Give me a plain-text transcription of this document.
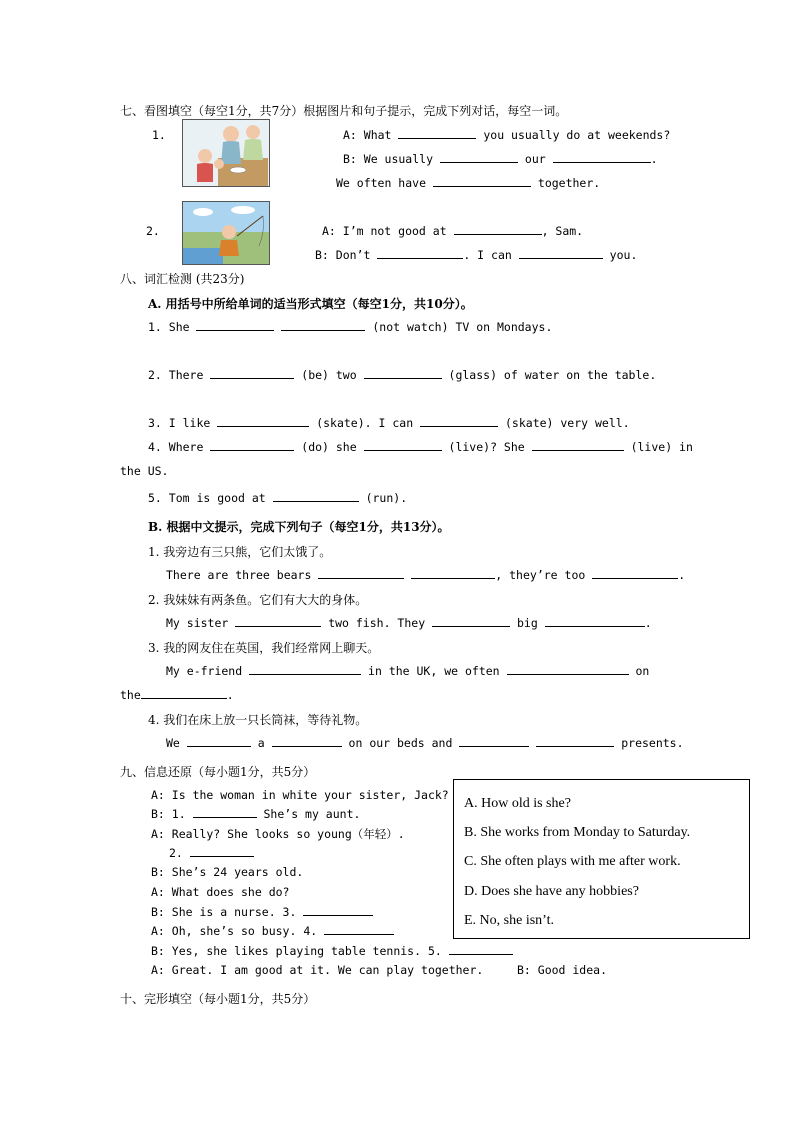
七、看图填空（每空1分，共7分）根据图片和句子提示，完成下列对话，每空一词。
1.	A: What	you usually do at weekends?
B: We usually	our	.
We often have	together.
2.	A: I’m not good at	, Sam.
B: Don’t	. I can	you.
八、词汇检测 (共23分)
A. 用括号中所给单词的适当形式填空（每空1分，共10分）。
1. She	(not watch) TV on Mondays.
2. There	(be) two	(glass) of water on the table.
3. I like	(skate). I can	(skate) very well.
4. Where	(do) she	(live)? She	(live) in
the US.
5. Tom is good at	(run).
B. 根据中文提示，完成下列句子（每空1分，共13分）。
1. 我旁边有三只熊，它们太饿了。
There are three bears	, they’re too	.
2. 我妹妹有两条鱼。它们有大大的身体。
My sister	two fish. They	big	.
3. 我的网友住在英国，我们经常网上聊天。
My e-friend	in the UK, we often	on
the	.
4. 我们在床上放一只长筒袜，等待礼物。
We	a	on our beds and	presents.
九、信息还原（每小题1分，共5分）
A: Is the woman in white your sister, Jack?
B: 1.	She’s my aunt.
A: Really? She looks so young（年轻）.
2.
B: She’s 24 years old.
A: What does she do?
B: She is a nurse. 3.
A: Oh, she’s so busy. 4.
B: Yes, she likes playing table tennis. 5.
A: Great. I am good at it. We can play together.	B: Good idea.
A. How old is she?
B. She works from Monday to Saturday.
C. She often plays with me after work.
D. Does she have any hobbies?
E. No, she isn’t.
十、完形填空（每小题1分，共5分）
